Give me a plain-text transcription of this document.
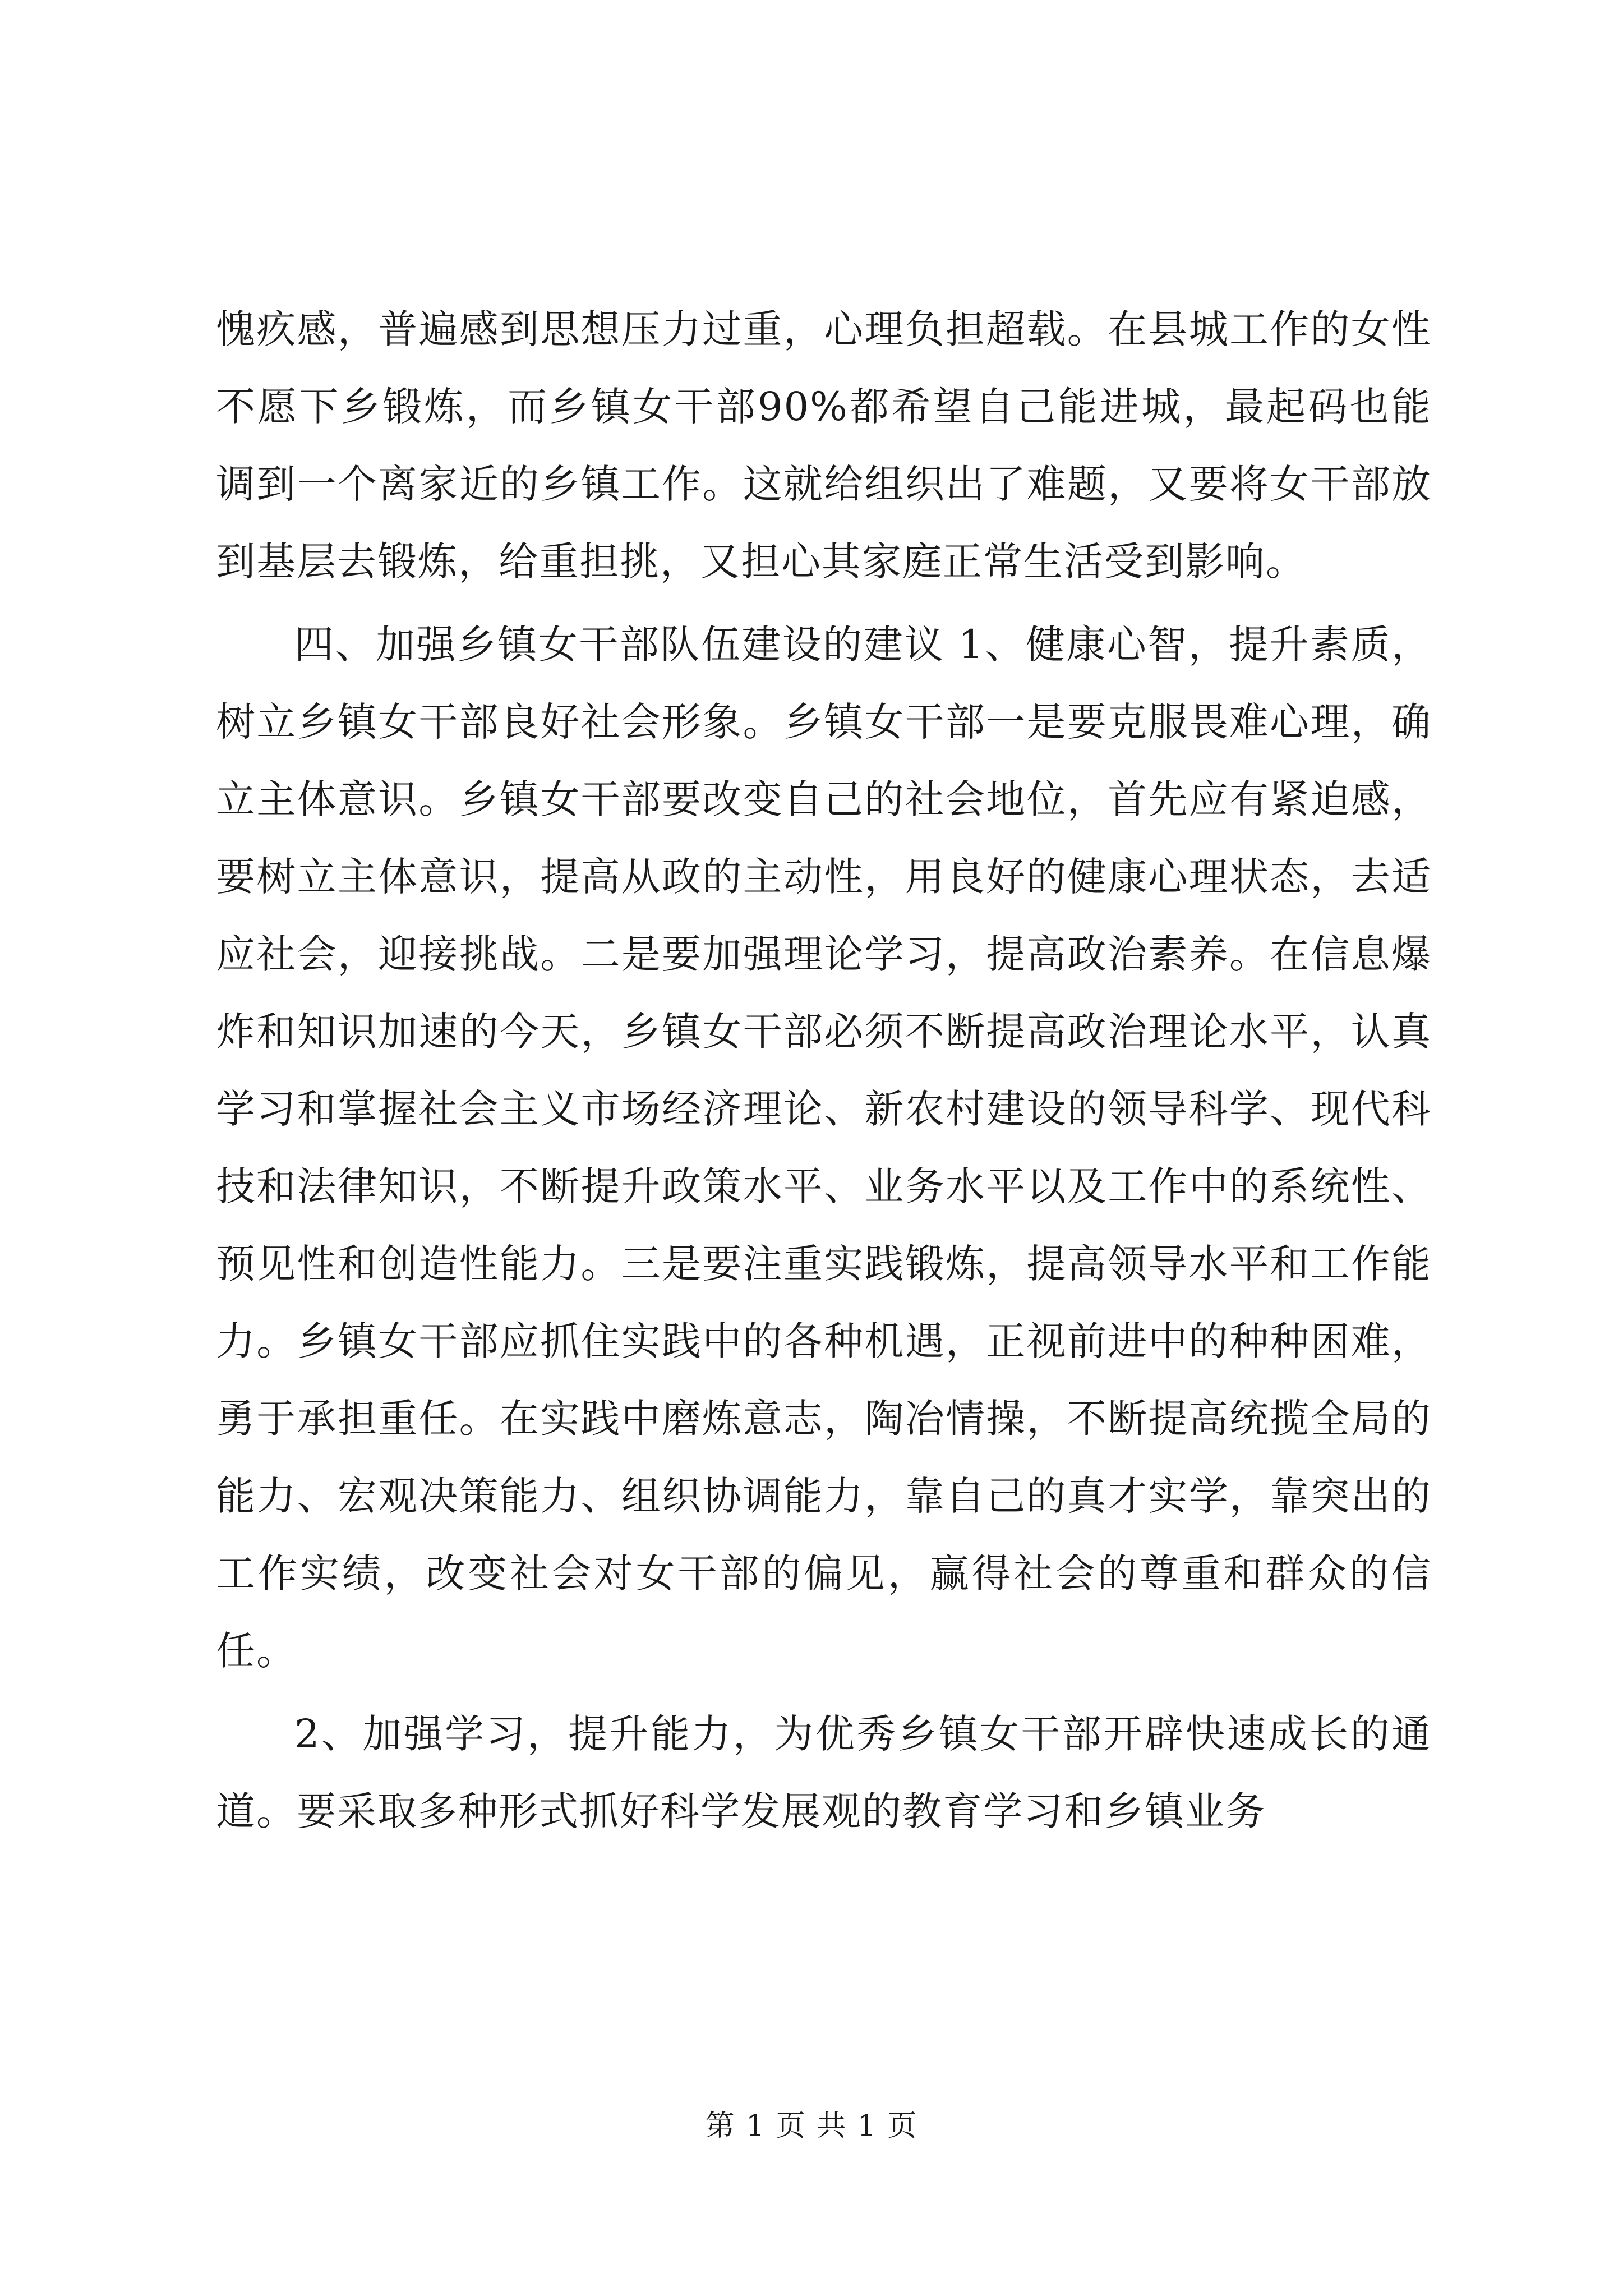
愧疚感，普遍感到思想压力过重，心理负担超载。在县城工作的女性不愿下乡锻炼，而乡镇女干部90%都希望自己能进城，最起码也能调到一个离家近的乡镇工作。这就给组织出了难题，又要将女干部放到基层去锻炼，给重担挑，又担心其家庭正常生活受到影响。

四、加强乡镇女干部队伍建设的建议 1、健康心智，提升素质，树立乡镇女干部良好社会形象。乡镇女干部一是要克服畏难心理，确立主体意识。乡镇女干部要改变自己的社会地位，首先应有紧迫感，要树立主体意识，提高从政的主动性，用良好的健康心理状态，去适应社会，迎接挑战。二是要加强理论学习，提高政治素养。在信息爆炸和知识加速的今天，乡镇女干部必须不断提高政治理论水平，认真学习和掌握社会主义市场经济理论、新农村建设的领导科学、现代科技和法律知识，不断提升政策水平、业务水平以及工作中的系统性、预见性和创造性能力。三是要注重实践锻炼，提高领导水平和工作能力。乡镇女干部应抓住实践中的各种机遇，正视前进中的种种困难，勇于承担重任。在实践中磨炼意志，陶冶情操，不断提高统揽全局的能力、宏观决策能力、组织协调能力，靠自己的真才实学，靠突出的工作实绩，改变社会对女干部的偏见，赢得社会的尊重和群众的信任。

2、加强学习，提升能力，为优秀乡镇女干部开辟快速成长的通道。要采取多种形式抓好科学发展观的教育学习和乡镇业务

第 1 页 共 1 页
